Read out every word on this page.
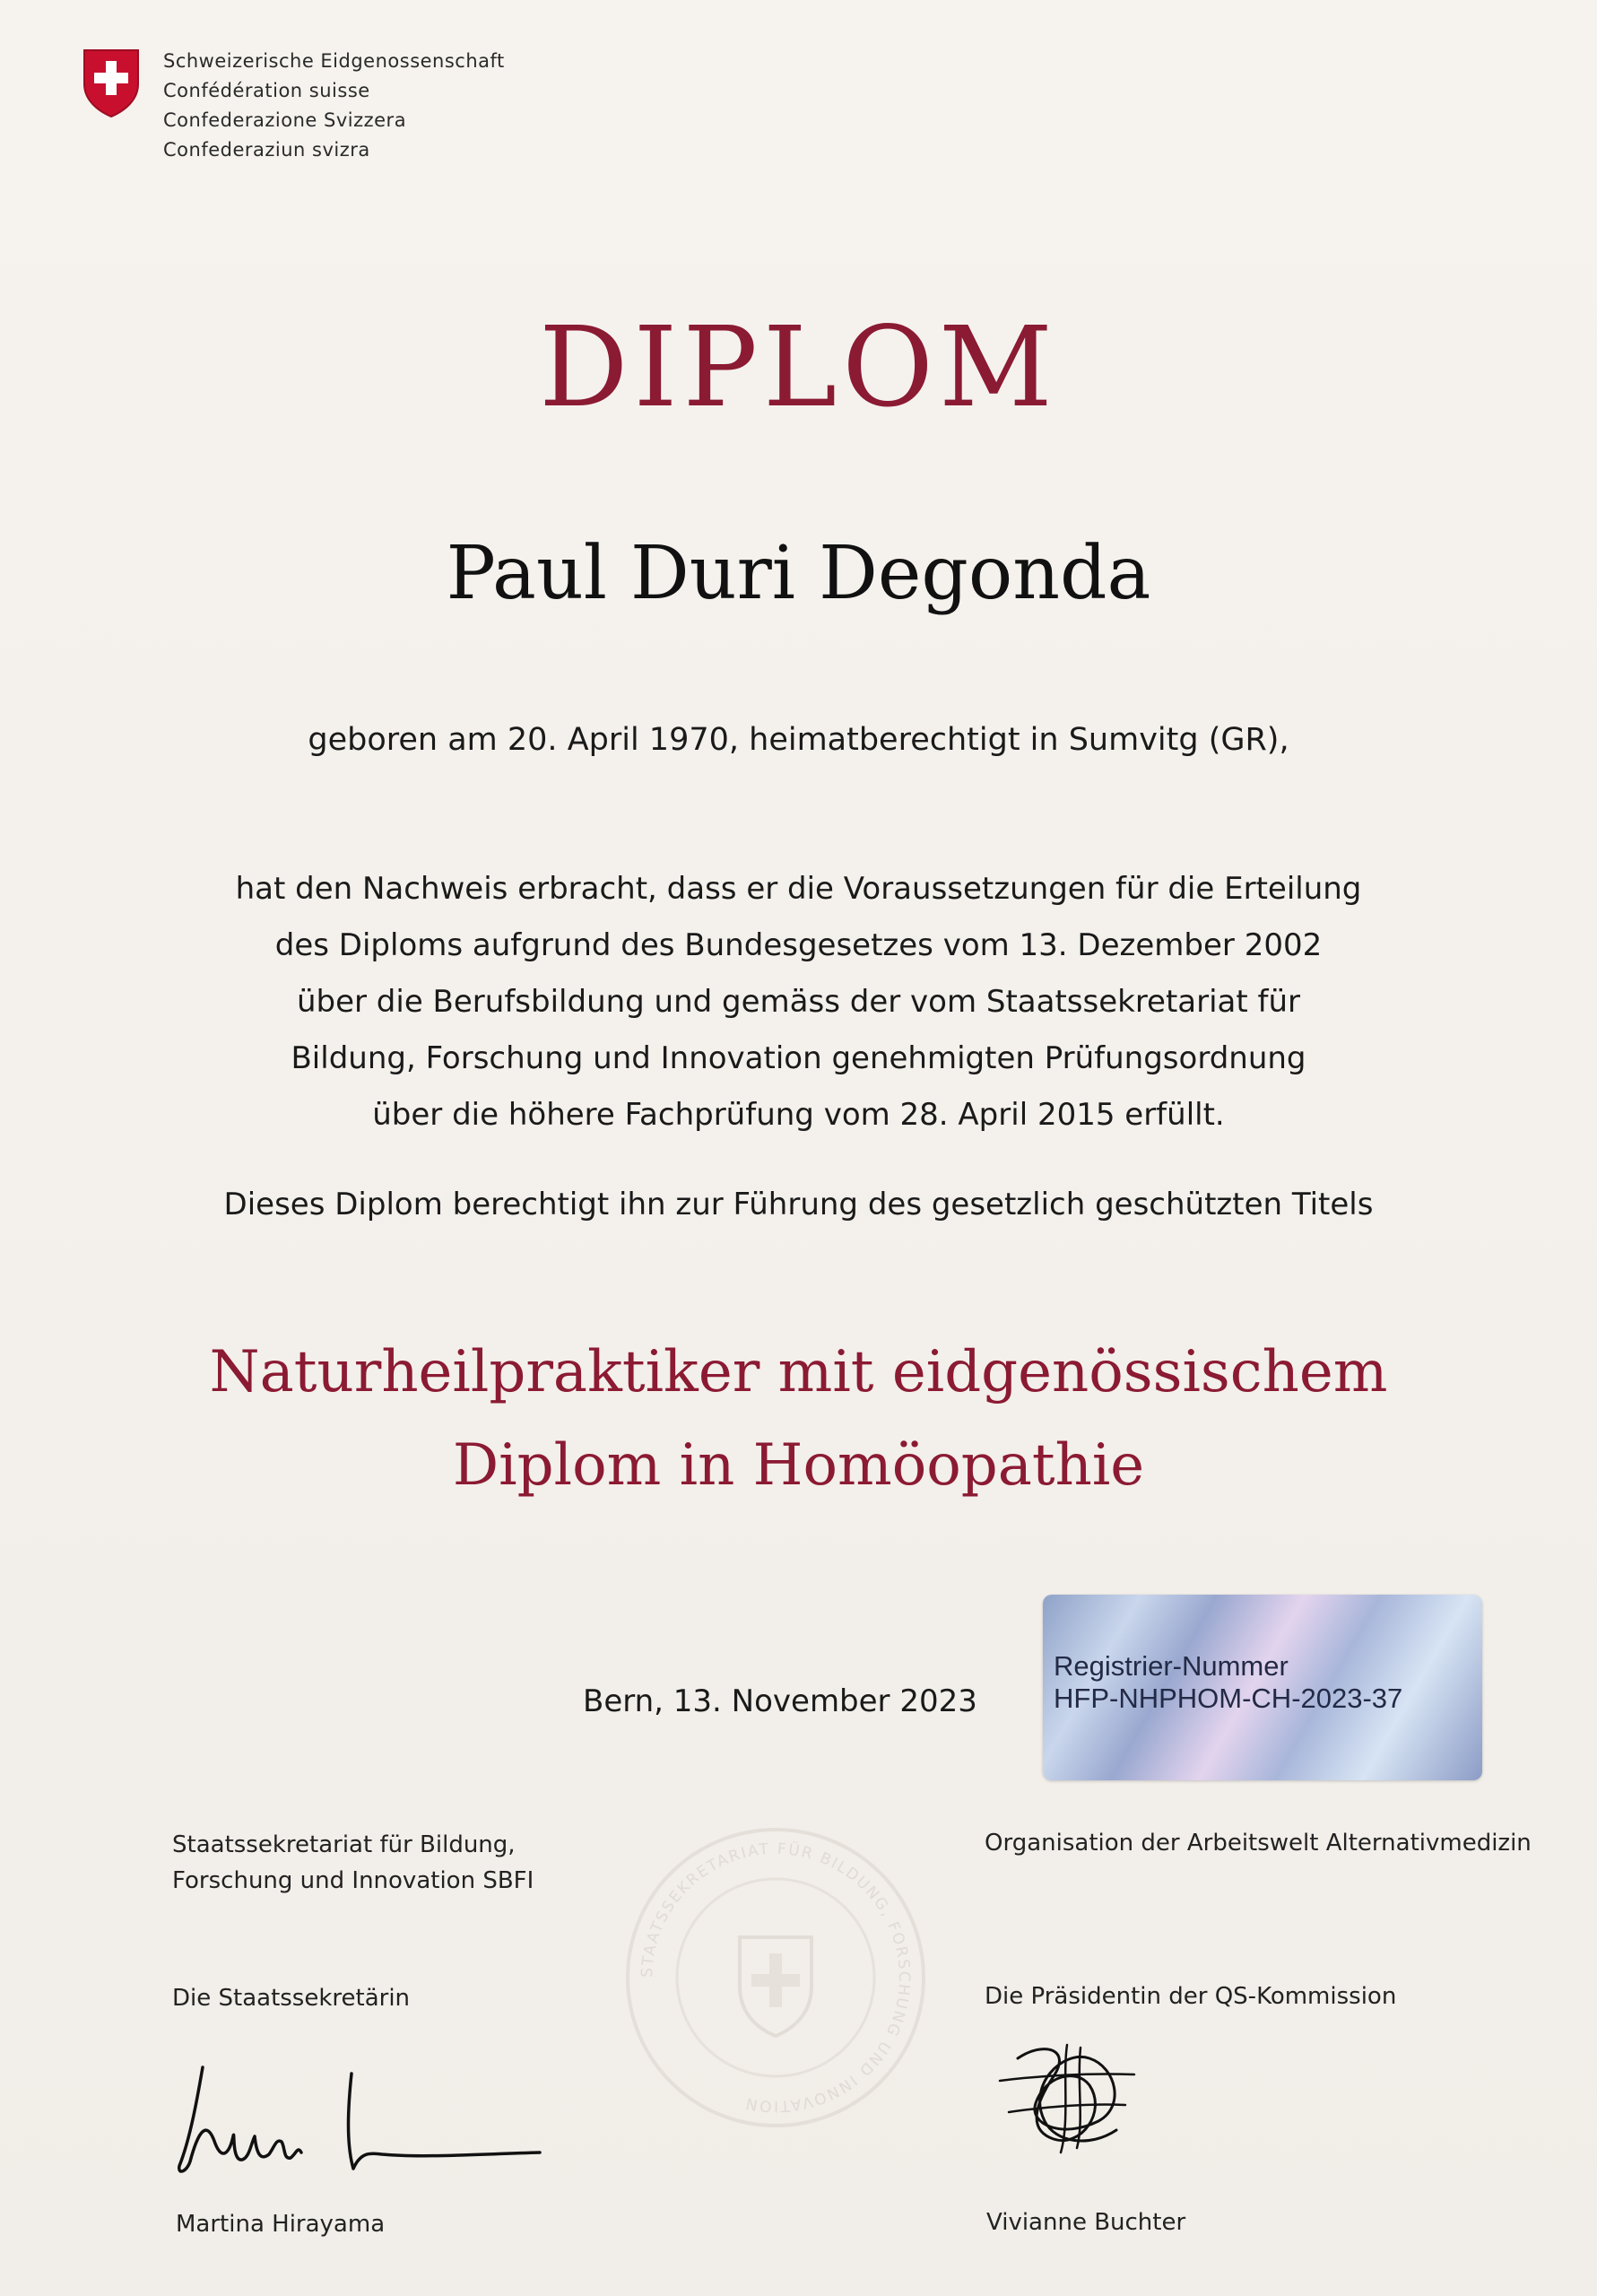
Schweizerische Eidgenossenschaft
Confédération suisse
Confederazione Svizzera
Confederaziun svizra
DIPLOM
Paul Duri Degonda
geboren am 20. April 1970, heimatberechtigt in Sumvitg (GR),
hat den Nachweis erbracht, dass er die Voraussetzungen für die Erteilung
des Diploms aufgrund des Bundesgesetzes vom 13. Dezember 2002
über die Berufsbildung und gemäss der vom Staatssekretariat für
Bildung, Forschung und Innovation genehmigten Prüfungsordnung
über die höhere Fachprüfung vom 28. April 2015 erfüllt.
Dieses Diplom berechtigt ihn zur Führung des gesetzlich geschützten Titels
Naturheilpraktiker mit eidgenössischem
Diplom in Homöopathie
Bern, 13. November 2023
Registrier-Nummer
HFP-NHPHOM-CH-2023-37
STAATSSEKRETARIAT FÜR BILDUNG, FORSCHUNG UND INNOVATION
Staatssekretariat für Bildung,
Forschung und Innovation SBFI
Organisation der Arbeitswelt Alternativmedizin
Die Staatssekretärin	Die Präsidentin der QS-Kommission
Martina Hirayama	Vivianne Buchter
